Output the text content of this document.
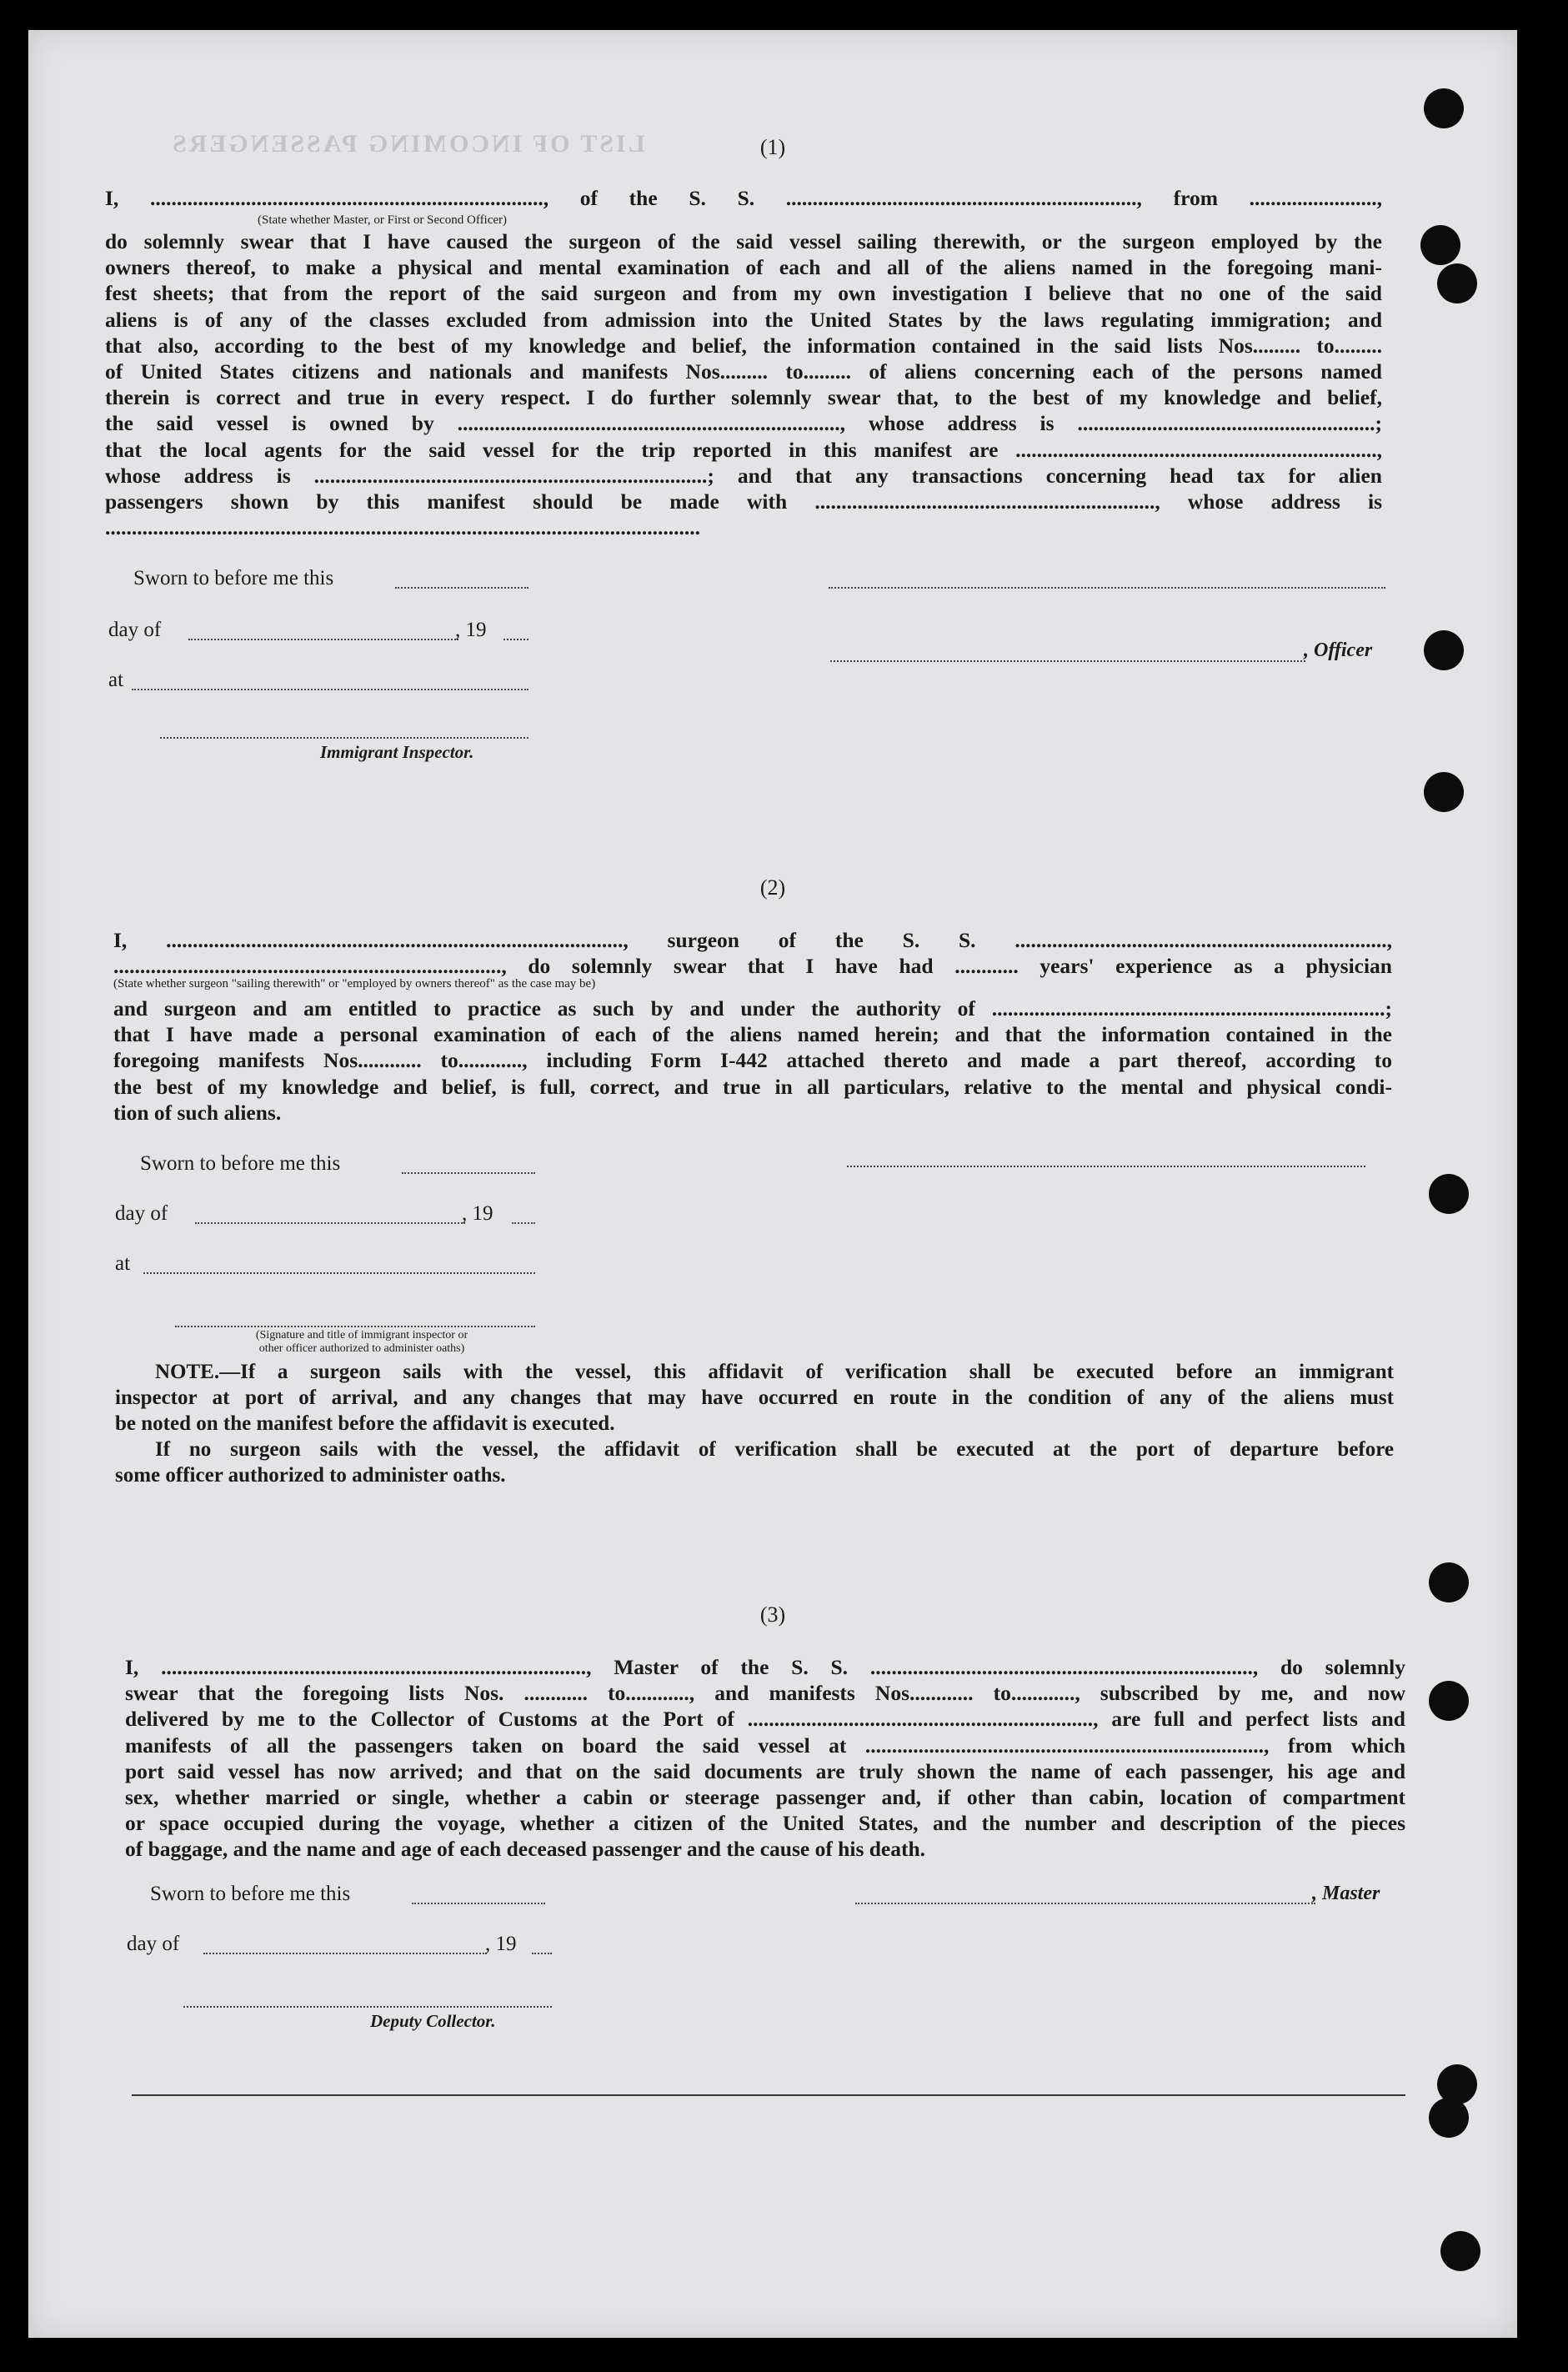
LIST OF INCOMING PASSENGERS	(1)
I, .........................................................................., of the S. S. .................................................................., from ........................,
(State whether Master, or First or Second Officer)
do solemnly swear that I have caused the surgeon of the said vessel sailing therewith, or the surgeon employed by the
owners thereof, to make a physical and mental examination of each and all of the aliens named in the foregoing mani-
fest sheets; that from the report of the said surgeon and from my own investigation I believe that no one of the said
aliens is of any of the classes excluded from admission into the United States by the laws regulating immigration; and
that also, according to the best of my knowledge and belief, the information contained in the said lists Nos......... to.........
of United States citizens and nationals and manifests Nos......... to......... of aliens concerning each of the persons named
therein is correct and true in every respect. I do further solemnly swear that, to the best of my knowledge and belief,
the said vessel is owned by ........................................................................, whose address is ........................................................;
that the local agents for the said vessel for the trip reported in this manifest are ....................................................................,
whose address is ..........................................................................; and that any transactions concerning head tax for alien
passengers shown by this manifest should be made with ................................................................, whose address is
................................................................................................................
Sworn to before me this
day of	, 19
, Officer
at
Immigrant Inspector.
(2)
I, ......................................................................................, surgeon of the S. S. ......................................................................,
........................................................................., do solemnly swear that I have had ............ years' experience as a physician
(State whether surgeon "sailing therewith" or "employed by owners thereof" as the case may be)
and surgeon and am entitled to practice as such by and under the authority of ..........................................................................;
that I have made a personal examination of each of the aliens named herein; and that the information contained in the
foregoing manifests Nos............ to............, including Form I-442 attached thereto and made a part thereof, according to
the best of my knowledge and belief, is full, correct, and true in all particulars, relative to the mental and physical condi-
tion of such aliens.
Sworn to before me this
day of	, 19
at
(Signature and title of immigrant inspector or
other officer authorized to administer oaths)
NOTE.—If a surgeon sails with the vessel, this affidavit of verification shall be executed before an immigrant
inspector at port of arrival, and any changes that may have occurred en route in the condition of any of the aliens must
be noted on the manifest before the affidavit is executed.
If no surgeon sails with the vessel, the affidavit of verification shall be executed at the port of departure before
some officer authorized to administer oaths.
(3)
I, ................................................................................, Master of the S. S. ........................................................................, do solemnly
swear that the foregoing lists Nos. ............ to............, and manifests Nos............ to............, subscribed by me, and now
delivered by me to the Collector of Customs at the Port of ................................................................., are full and perfect lists and
manifests of all the passengers taken on board the said vessel at ..........................................................................., from which
port said vessel has now arrived; and that on the said documents are truly shown the name of each passenger, his age and
sex, whether married or single, whether a cabin or steerage passenger and, if other than cabin, location of compartment
or space occupied during the voyage, whether a citizen of the United States, and the number and description of the pieces
of baggage, and the name and age of each deceased passenger and the cause of his death.
Sworn to before me this	, Master
day of	, 19
Deputy Collector.
